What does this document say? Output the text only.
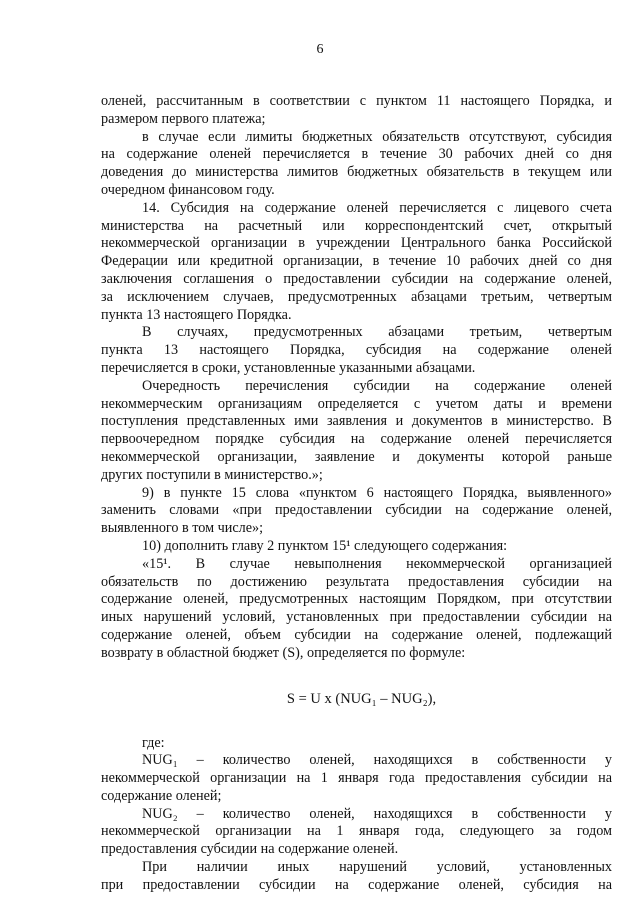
6

оленей, рассчитанным в соответствии с пунктом 11 настоящего Порядка, и

размером первого платежа;

в случае если лимиты бюджетных обязательств отсутствуют, субсидия

на содержание оленей перечисляется в течение 30 рабочих дней со дня

доведения до министерства лимитов бюджетных обязательств в текущем или

очередном финансовом году.

14. Субсидия на содержание оленей перечисляется с лицевого счета

министерства на расчетный или корреспондентский счет, открытый

некоммерческой организации в учреждении Центрального банка Российской

Федерации или кредитной организации, в течение 10 рабочих дней со дня

заключения соглашения о предоставлении субсидии на содержание оленей,

за исключением случаев, предусмотренных абзацами третьим, четвертым

пункта 13 настоящего Порядка.

В случаях, предусмотренных абзацами третьим, четвертым

пункта 13 настоящего Порядка, субсидия на содержание оленей

перечисляется в сроки, установленные указанными абзацами.

Очередность перечисления субсидии на содержание оленей

некоммерческим организациям определяется с учетом даты и времени

поступления представленных ими заявления и документов в министерство. В

первоочередном порядке субсидия на содержание оленей перечисляется

некоммерческой организации, заявление и документы которой раньше

других поступили в министерство.»;

9) в пункте 15 слова «пунктом 6 настоящего Порядка, выявленного»

заменить словами «при предоставлении субсидии на содержание оленей,

выявленного в том числе»;

10) дополнить главу 2 пунктом 15¹ следующего содержания:

«15¹. В случае невыполнения некоммерческой организацией

обязательств по достижению результата предоставления субсидии на

содержание оленей, предусмотренных настоящим Порядком, при отсутствии

иных нарушений условий, установленных при предоставлении субсидии на

содержание оленей, объем субсидии на содержание оленей, подлежащий

возврату в областной бюджет (S), определяется по формуле:

S = U x (NUG₁ – NUG₂),

где:

NUG₁ – количество оленей, находящихся в собственности у

некоммерческой организации на 1 января года предоставления субсидии на

содержание оленей;

NUG₂ – количество оленей, находящихся в собственности у

некоммерческой организации на 1 января года, следующего за годом

предоставления субсидии на содержание оленей.

При наличии иных нарушений условий, установленных

при предоставлении субсидии на содержание оленей, субсидия на
